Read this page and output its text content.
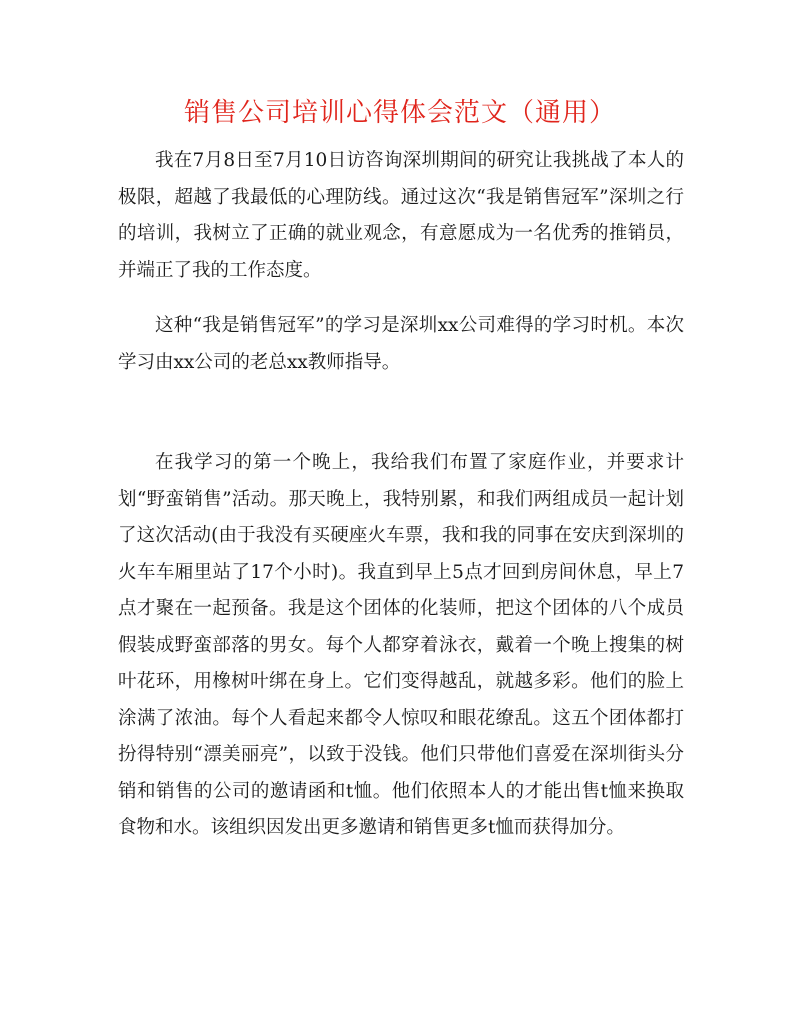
销售公司培训心得体会范文（通用）

我在7月8日至7月10日访咨询深圳期间的研究让我挑战了本人的极限，超越了我最低的心理防线。通过这次“我是销售冠军”深圳之行的培训，我树立了正确的就业观念，有意愿成为一名优秀的推销员，并端正了我的工作态度。

这种“我是销售冠军”的学习是深圳xx公司难得的学习时机。本次学习由xx公司的老总xx教师指导。

在我学习的第一个晚上，我给我们布置了家庭作业，并要求计划“野蛮销售”活动。那天晚上，我特别累，和我们两组成员一起计划了这次活动(由于我没有买硬座火车票，我和我的同事在安庆到深圳的火车车厢里站了17个小时)。我直到早上5点才回到房间休息，早上7点才聚在一起预备。我是这个团体的化装师，把这个团体的八个成员假装成野蛮部落的男女。每个人都穿着泳衣，戴着一个晚上搜集的树叶花环，用橡树叶绑在身上。它们变得越乱，就越多彩。他们的脸上涂满了浓油。每个人看起来都令人惊叹和眼花缭乱。这五个团体都打扮得特别“漂美丽亮”，以致于没钱。他们只带他们喜爱在深圳街头分销和销售的公司的邀请函和t恤。他们依照本人的才能出售t恤来换取食物和水。该组织因发出更多邀请和销售更多t恤而获得加分。
